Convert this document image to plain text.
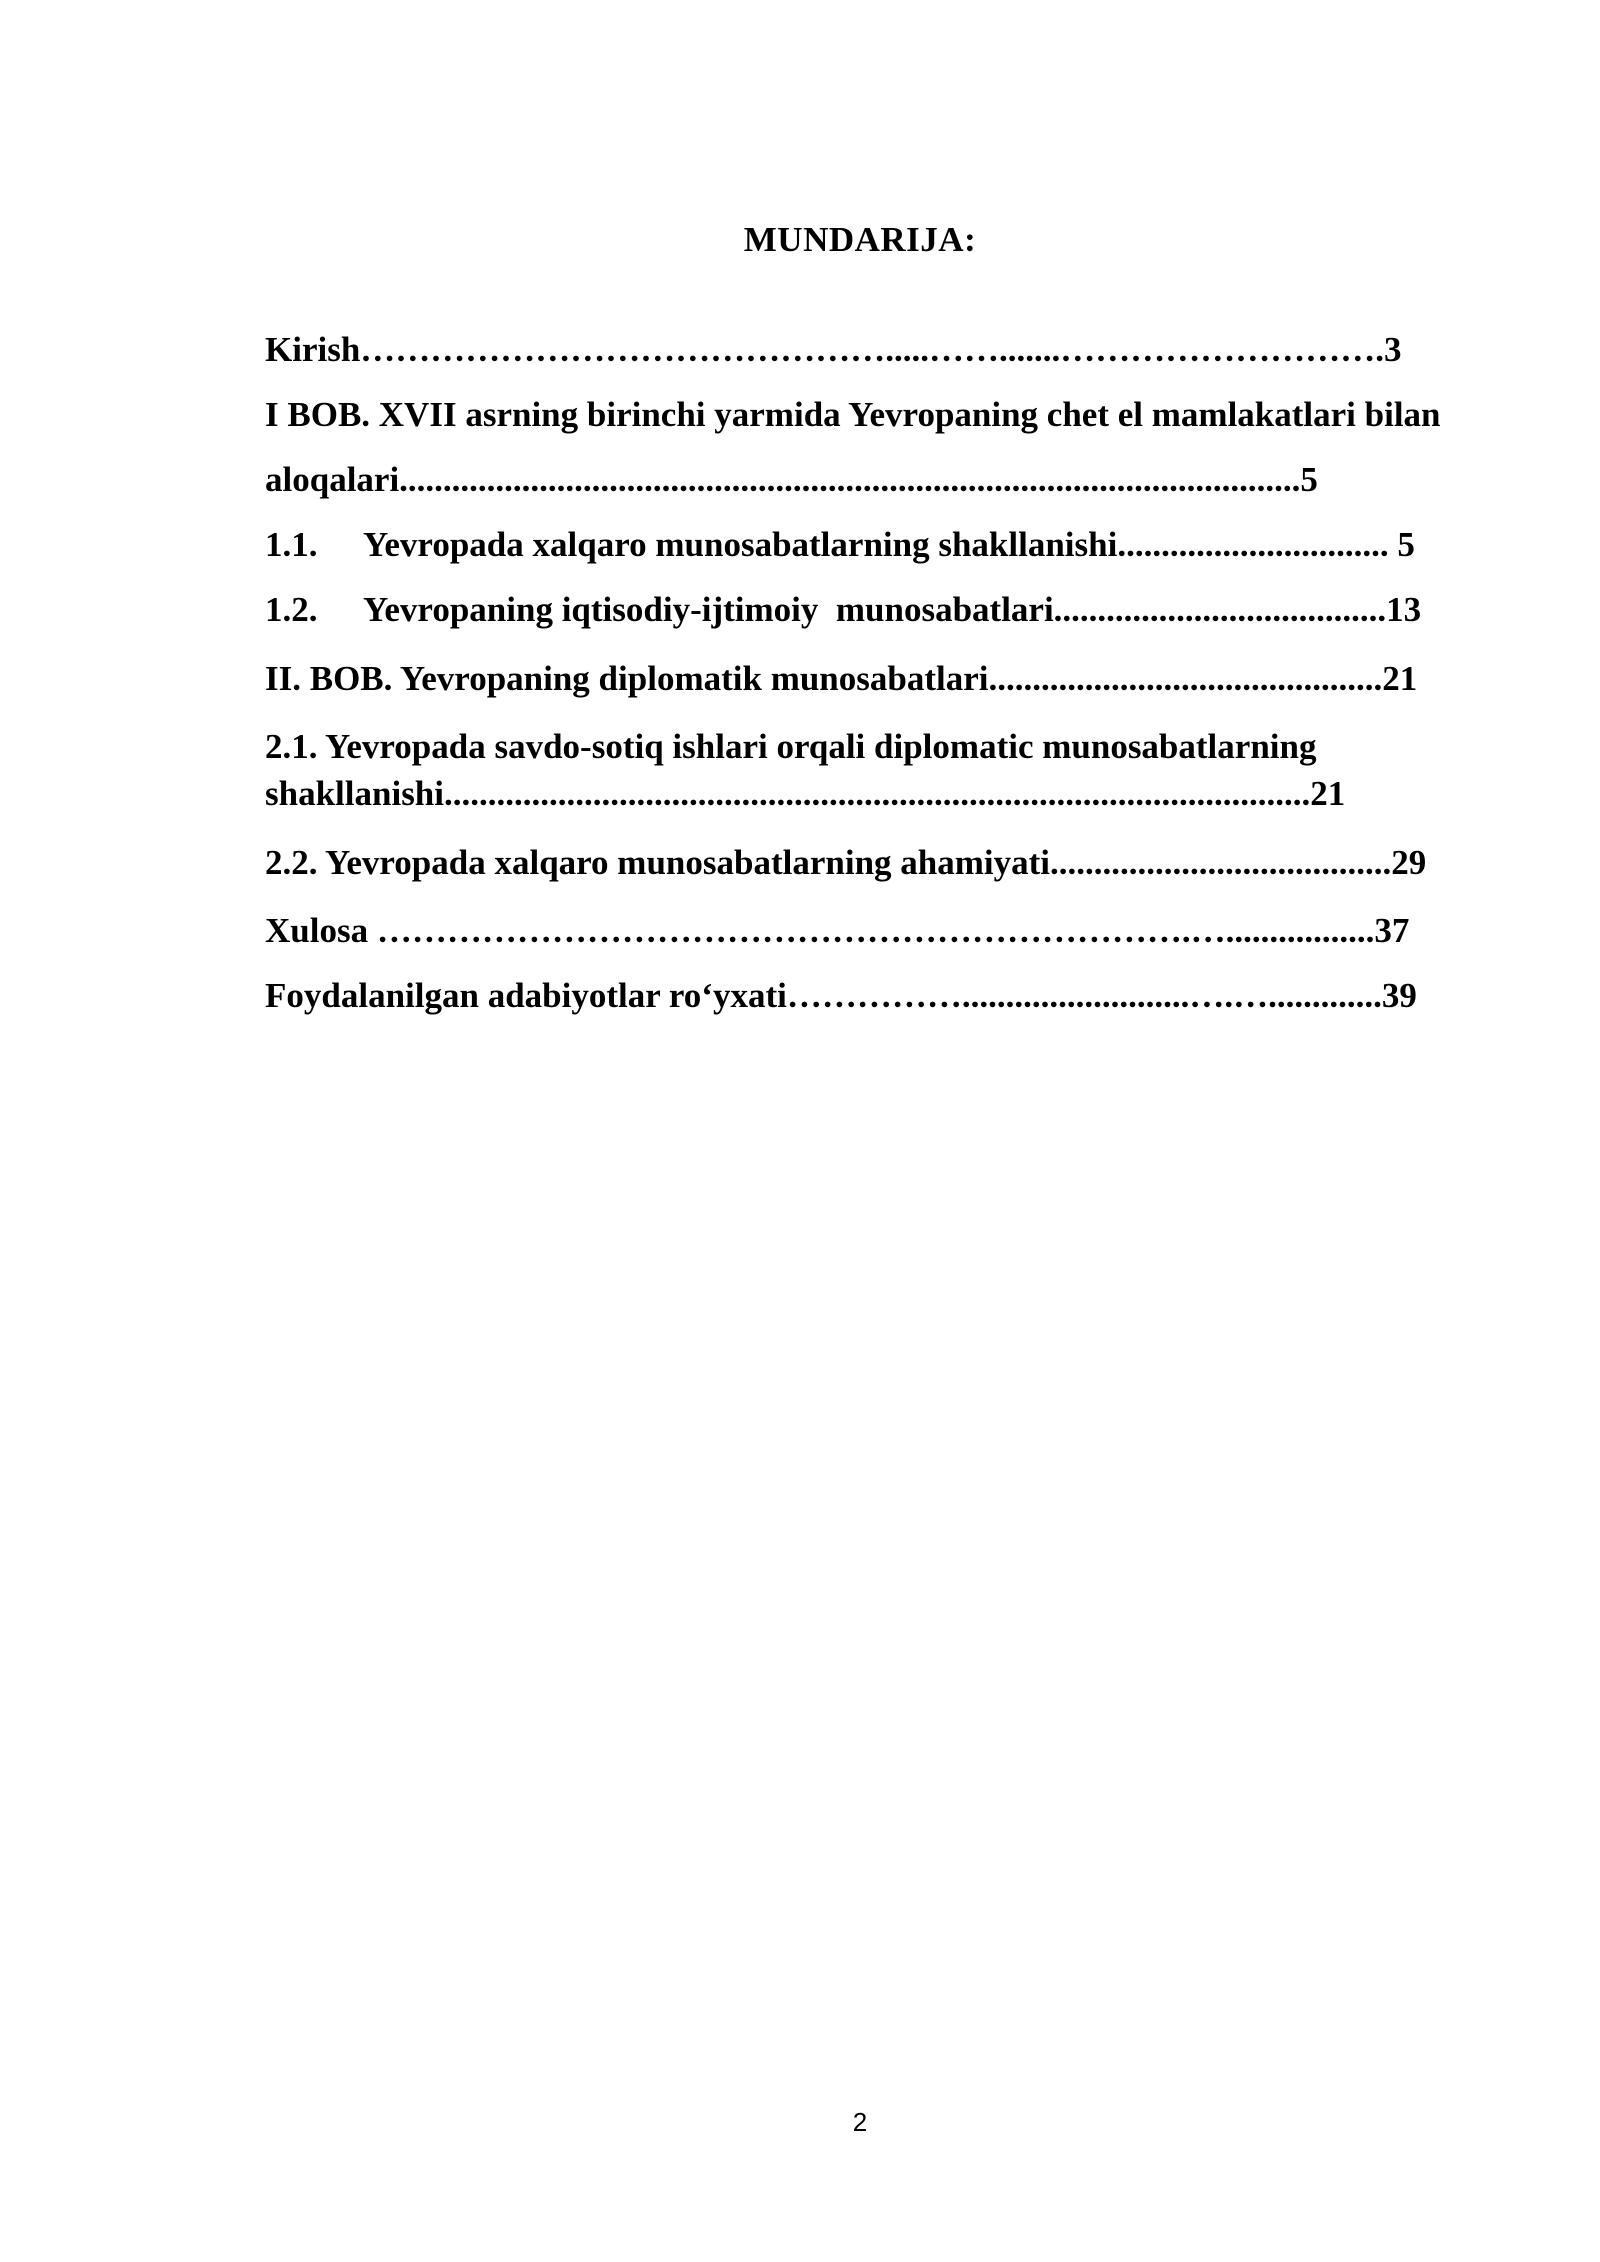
MUNDARIJA:

Kirish……………………………………….....…….......……………………….3

I BOB. XVII asrning birinchi yarmida Yevropaning chet el mamlakatlari bilan

aloqalari.......................................................................................................5

1.1. Yevropada xalqaro munosabatlarning shakllanishi............................... 5

1.2. Yevropaning iqtisodiy-ijtimoiy  munosabatlari......................................13

II. BOB. Yevropaning diplomatik munosabatlari.............................................21

2.1. Yevropada savdo-sotiq ishlari orqali diplomatic munosabatlarning

shakllanishi...................................................................................................21

2.2. Yevropada xalqaro munosabatlarning ahamiyati.......................................29

Xulosa …………………………………………………………….….................37

Foydalanilgan adabiyotlar ro‘yxati……………..........................….….............39

2
